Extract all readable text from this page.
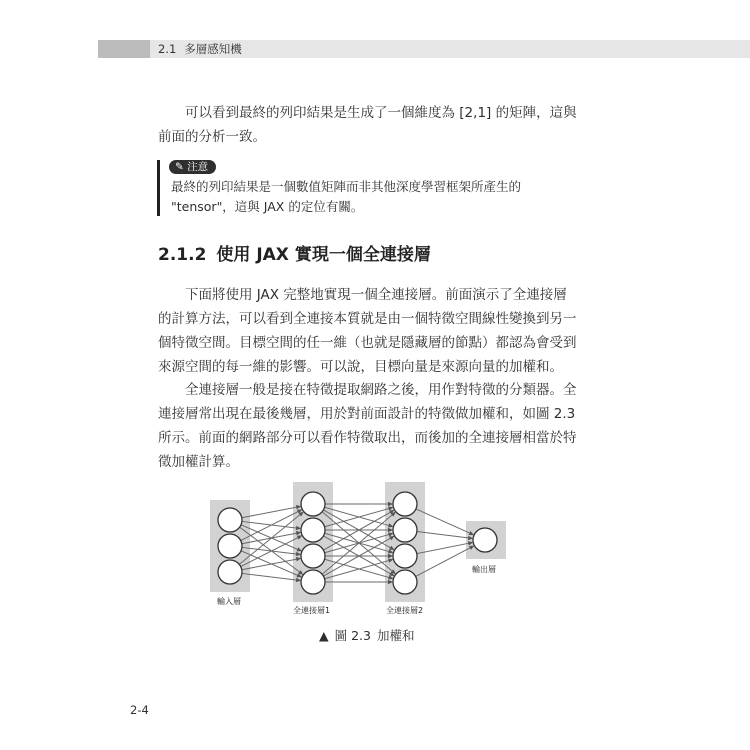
2.1 多層感知機

可以看到最終的列印結果是生成了一個維度為 [2,1] 的矩陣，這與前面的分析一致。

✎ 注意

最終的列印結果是一個數值矩陣而非其他深度學習框架所產生的 "tensor"，這與 JAX 的定位有關。

2.1.2 使用 JAX 實現一個全連接層

下面將使用 JAX 完整地實現一個全連接層。前面演示了全連接層的計算方法，可以看到全連接本質就是由一個特徵空間線性變換到另一個特徵空間。目標空間的任一維（也就是隱藏層的節點）都認為會受到來源空間的每一維的影響。可以說，目標向量是來源向量的加權和。

全連接層一般是接在特徵提取網路之後，用作對特徵的分類器。全連接層常出現在最後幾層，用於對前面設計的特徵做加權和，如圖 2.3 所示。前面的網路部分可以看作特徵取出，而後加的全連接層相當於特徵加權計算。

輸入層
全連接層1	全連接層2
輸出層
▲ 圖 2.3 加權和
2-4
